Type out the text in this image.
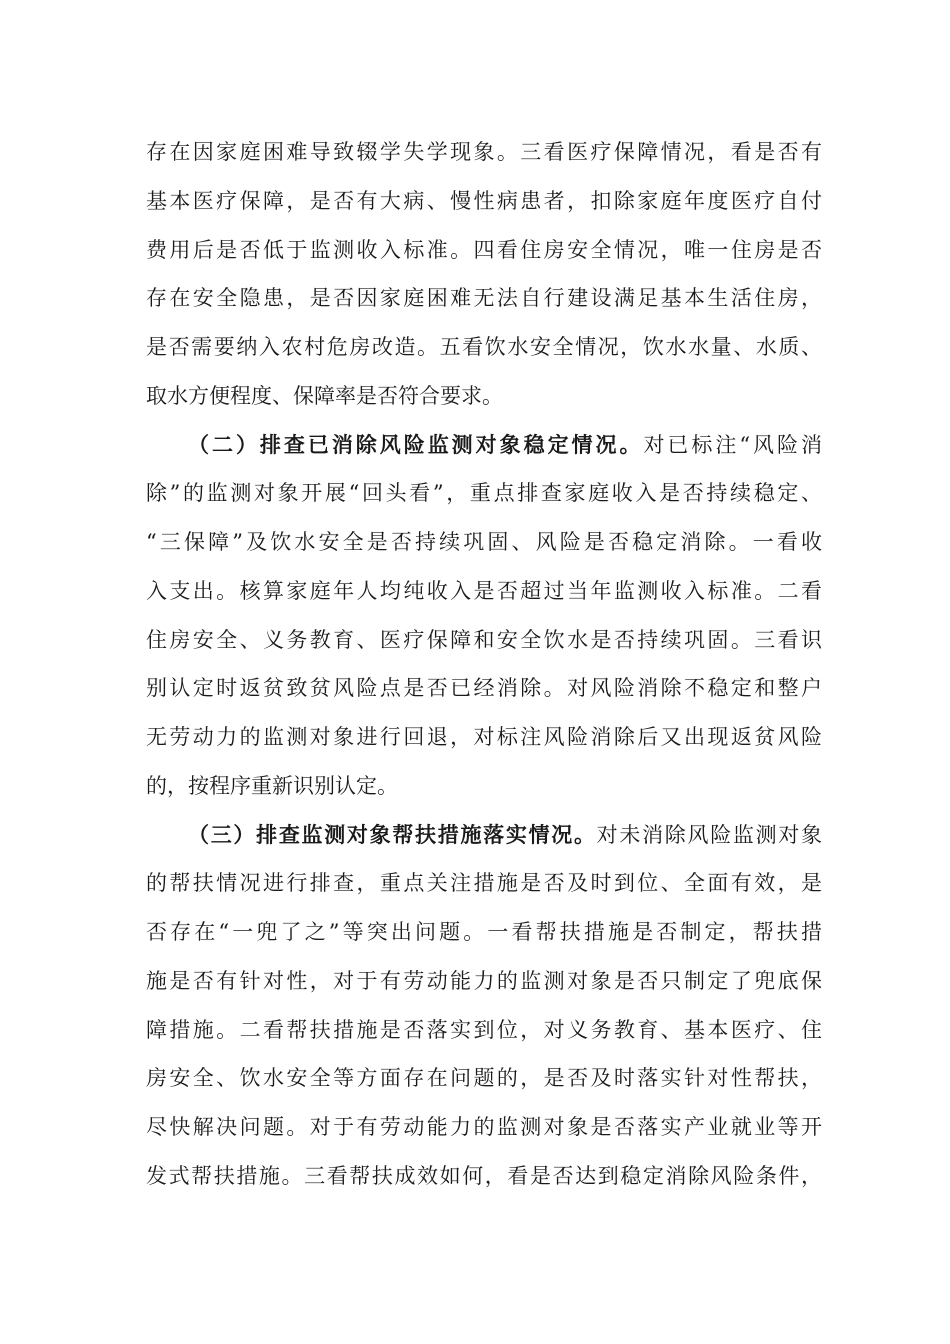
存在因家庭困难导致辍学失学现象。三看医疗保障情况，看是否有
基本医疗保障，是否有大病、慢性病患者，扣除家庭年度医疗自付
费用后是否低于监测收入标准。四看住房安全情况，唯一住房是否
存在安全隐患，是否因家庭困难无法自行建设满足基本生活住房，
是否需要纳入农村危房改造。五看饮水安全情况，饮水水量、水质、
取水方便程度、保障率是否符合要求。
（二）排查已消除风险监测对象稳定情况。对已标注“风险消
除”的监测对象开展“回头看”，重点排查家庭收入是否持续稳定、
“三保障”及饮水安全是否持续巩固、风险是否稳定消除。一看收
入支出。核算家庭年人均纯收入是否超过当年监测收入标准。二看
住房安全、义务教育、医疗保障和安全饮水是否持续巩固。三看识
别认定时返贫致贫风险点是否已经消除。对风险消除不稳定和整户
无劳动力的监测对象进行回退，对标注风险消除后又出现返贫风险
的，按程序重新识别认定。
（三）排查监测对象帮扶措施落实情况。对未消除风险监测对象
的帮扶情况进行排查，重点关注措施是否及时到位、全面有效，是
否存在“一兜了之”等突出问题。一看帮扶措施是否制定，帮扶措
施是否有针对性，对于有劳动能力的监测对象是否只制定了兜底保
障措施。二看帮扶措施是否落实到位，对义务教育、基本医疗、住
房安全、饮水安全等方面存在问题的，是否及时落实针对性帮扶，
尽快解决问题。对于有劳动能力的监测对象是否落实产业就业等开
发式帮扶措施。三看帮扶成效如何，看是否达到稳定消除风险条件，
